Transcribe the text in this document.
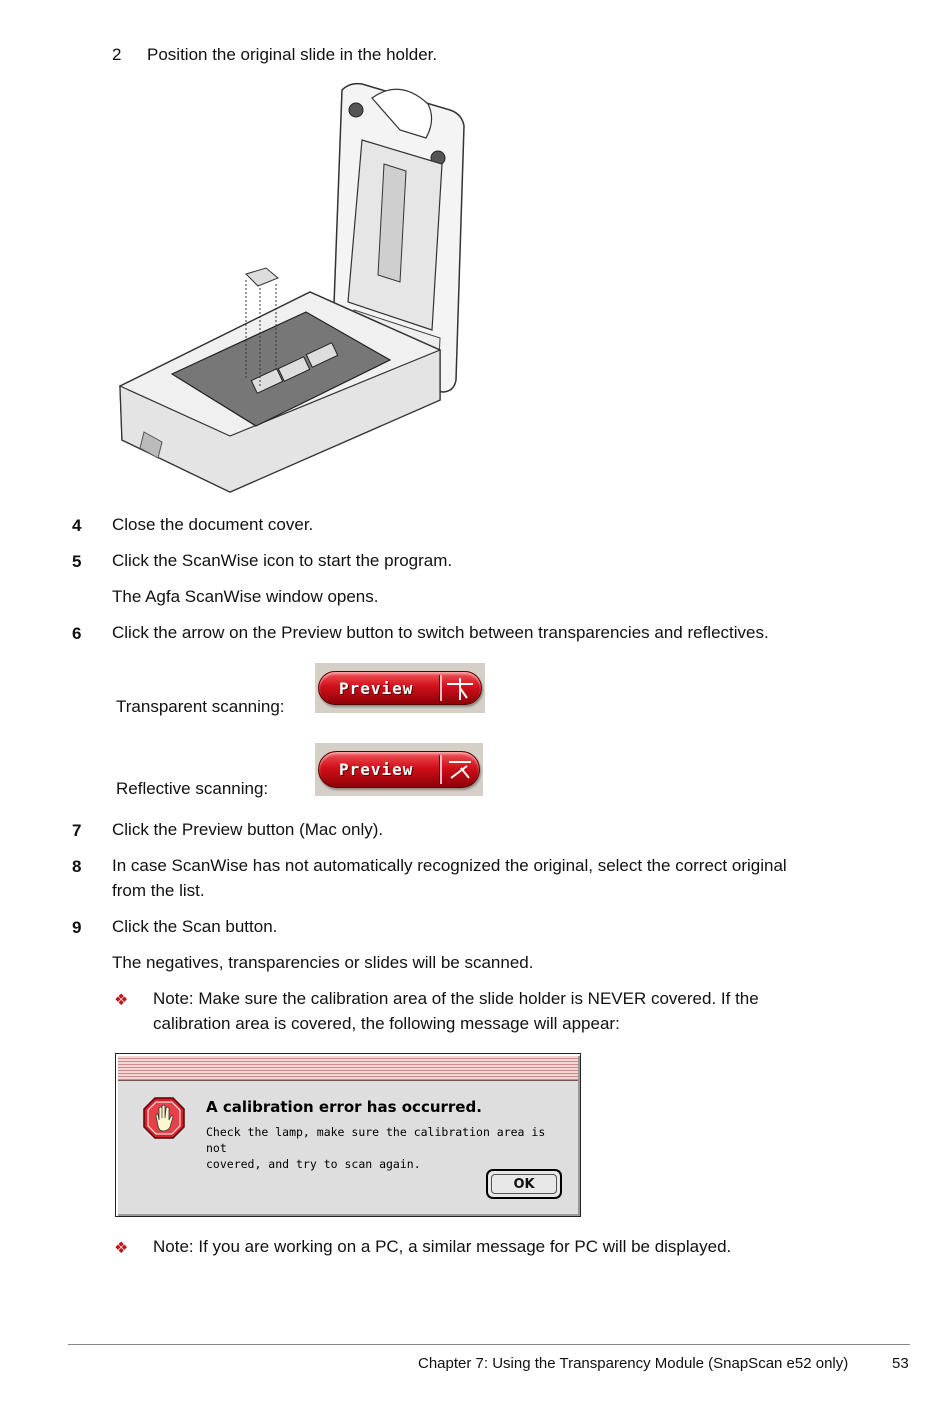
2 Position the original slide in the holder.
4 Close the document cover.
5 Click the ScanWise icon to start the program.
The Agfa ScanWise window opens.
6 Click the arrow on the Preview button to switch between transparencies and reflectives.
Transparent scanning:
Preview
Reflective scanning:
Preview
7 Click the Preview button (Mac only).
8 In case ScanWise has not automatically recognized the original, select the correct original
from the list.
9 Click the Scan button.
The negatives, transparencies or slides will be scanned.
❖ Note: Make sure the calibration area of the slide holder is NEVER covered. If the
calibration area is covered, the following message will appear:
A calibration error has occurred.
Check the lamp, make sure the calibration area is not
covered, and try to scan again.
OK
❖ Note: If you are working on a PC, a similar message for PC will be displayed.
Chapter 7: Using the Transparency Module (SnapScan e52 only)	53
